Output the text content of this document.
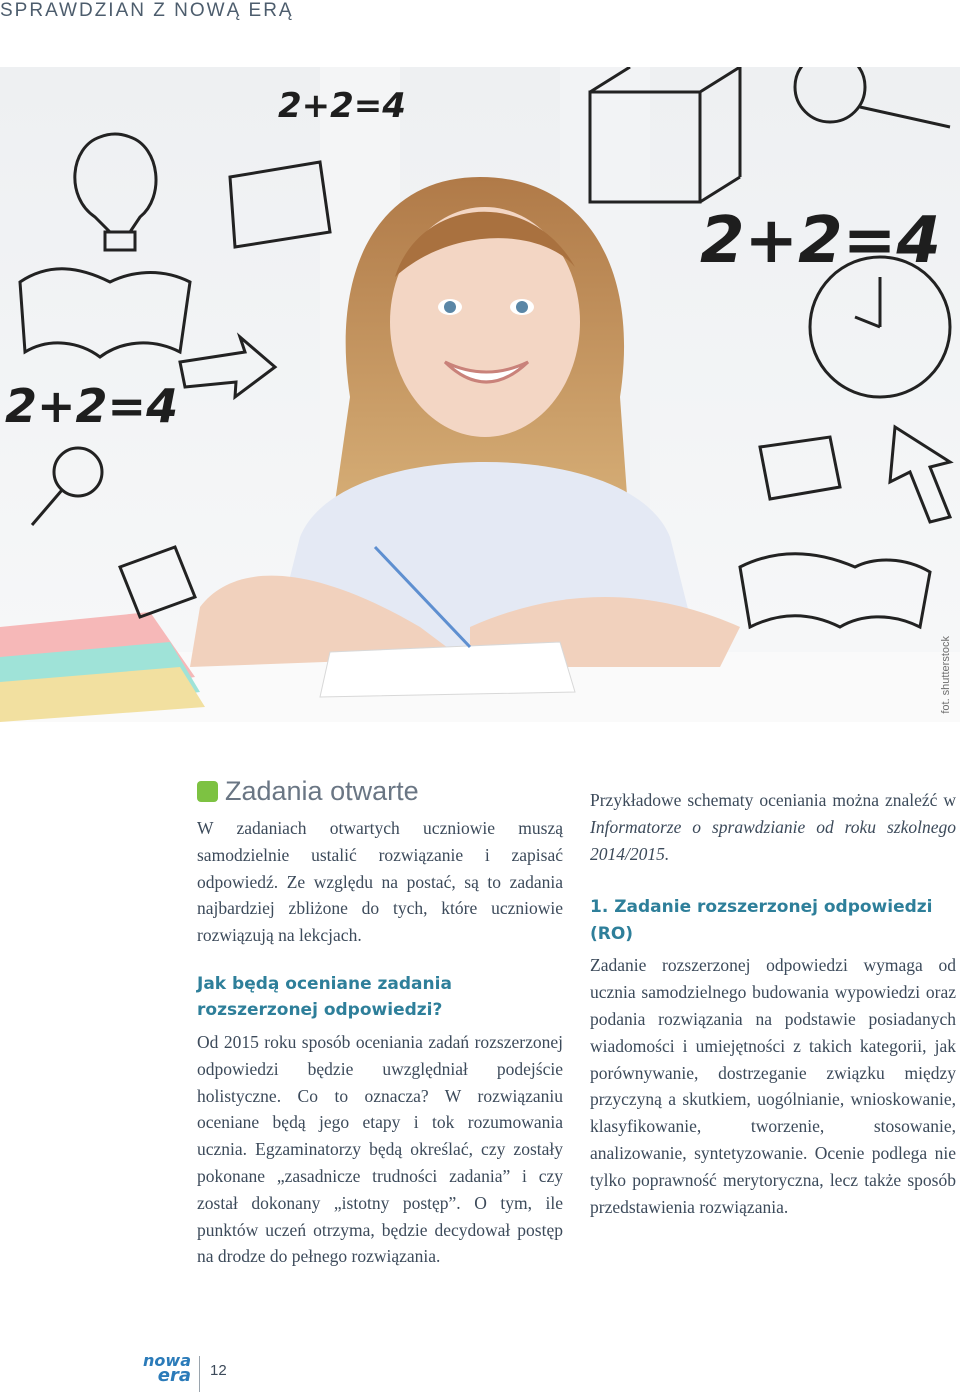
SPRAWDZIAN Z NOWĄ ERĄ
2+2=4
2+2=4
2+2=4
fot. shutterstock
Zadania otwarte

W zadaniach otwartych uczniowie muszą samodzielnie ustalić rozwiązanie i zapisać odpowiedź. Ze względu na postać, są to zadania najbardziej zbliżone do tych, które uczniowie rozwiązują na lekcjach.

Jak będą oceniane zadania rozszerzonej odpowiedzi?

Od 2015 roku sposób oceniania zadań rozszerzonej odpowiedzi będzie uwzględniał podejście holistyczne. Co to oznacza? W rozwiązaniu oceniane będą jego etapy i tok rozumowania ucznia. Egzaminatorzy będą określać, czy zostały pokonane „zasadnicze trudności zadania” i czy został dokonany „istotny postęp”. O tym, ile punktów uczeń otrzyma, będzie decydował postęp na drodze do pełnego rozwiązania.

Przykładowe schematy oceniania można znaleźć w Informatorze o sprawdzianie od roku szkolnego 2014/2015.

1. Zadanie rozszerzonej odpowiedzi (RO)

Zadanie rozszerzonej odpowiedzi wymaga od ucznia samodzielnego budowania wypowiedzi oraz podania rozwiązania na podstawie posiadanych wiadomości i umiejętności z takich kategorii, jak porównywanie, dostrzeganie związku między przyczyną a skutkiem, uogólnianie, wnioskowanie, klasyfikowanie, tworzenie, stosowanie, analizowanie, syntetyzowanie. Ocenie podlega nie tylko poprawność merytoryczna, lecz także sposób przedstawienia rozwiązania.

nowa
era 12
